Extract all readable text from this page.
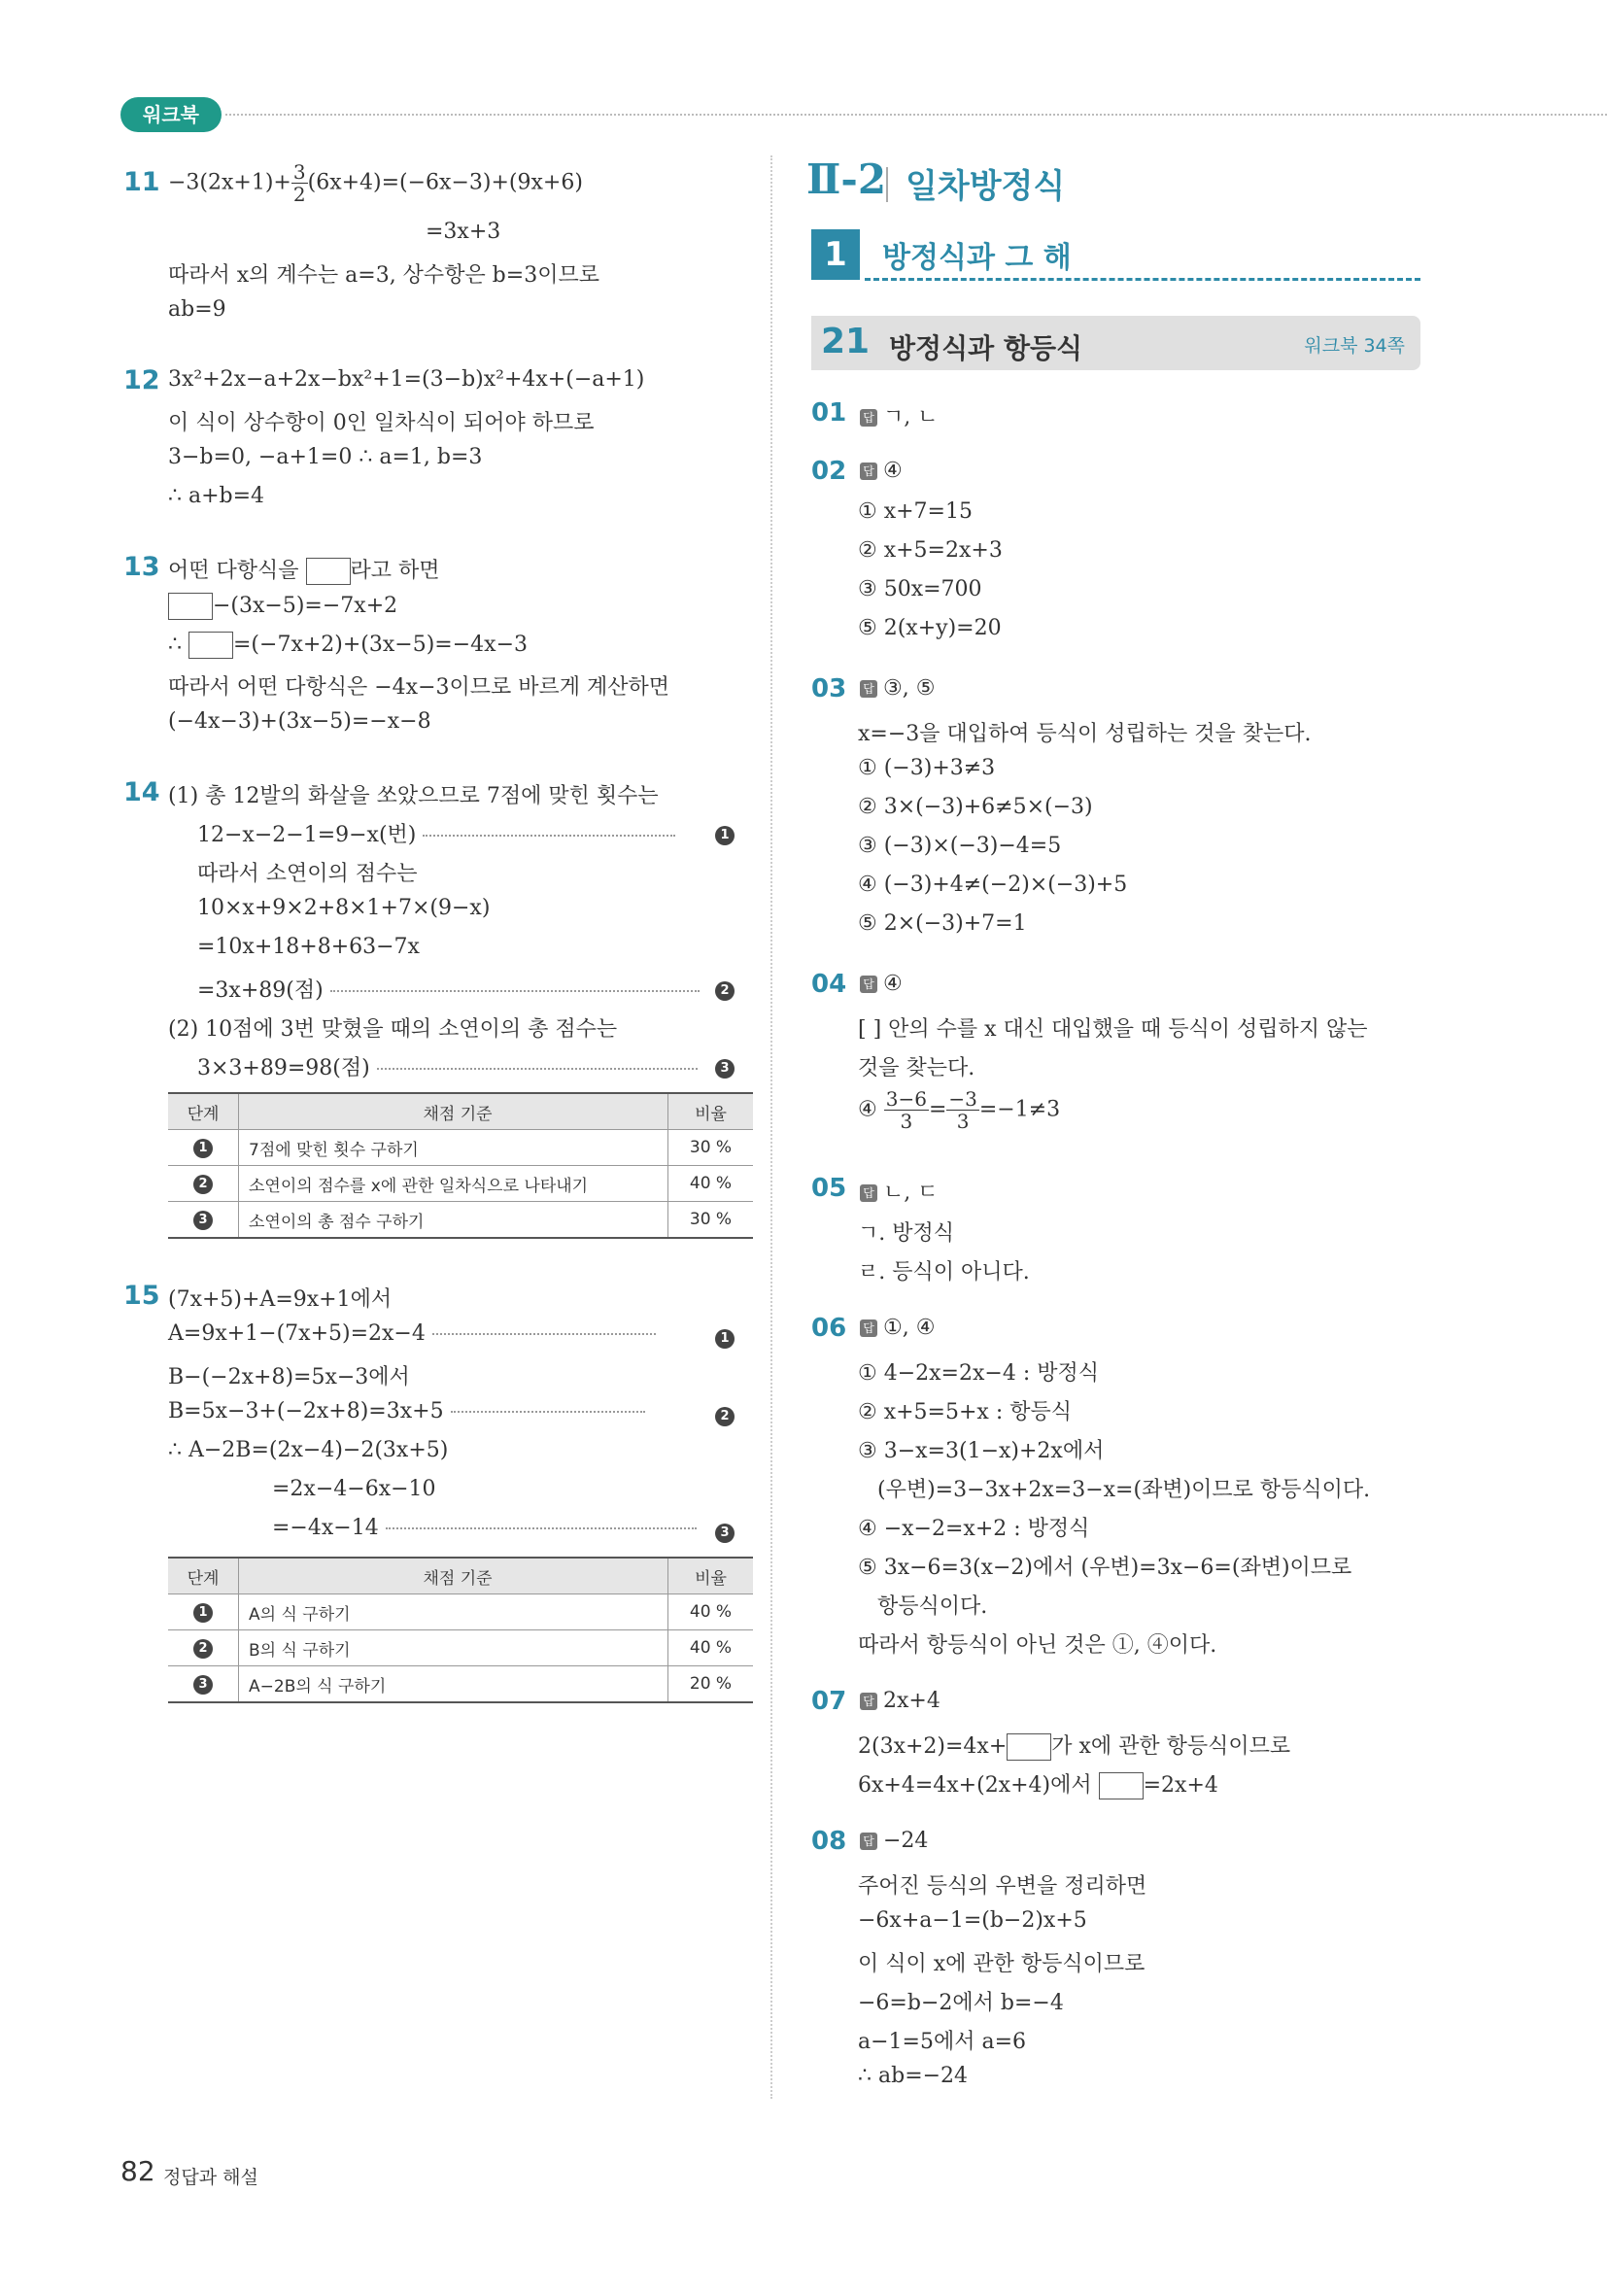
워크북
$11 -3(2x+1)+ \frac{3}{2} (6x+4)=(-6x-3)+(9x+6)$
=3x+3
따라서 x의 계수는 a=3, 상수항은 b=3이므로
ab=9
12 3x²+2x−a+2x−bx²+1=(3−b)x²+4x+(−a+1)
이 식이 상수항이 0인 일차식이 되어야 하므로
3−b=0, −a+1=0 ∴ a=1, b=3
∴ a+b=4
13 어떤 다항식을 라고 하면
−(3x−5)=−7x+2
∴ =(−7x+2)+(3x−5)=−4x−3
따라서 어떤 다항식은 −4x−3이므로 바르게 계산하면
(−4x−3)+(3x−5)=−x−8
14 (1) 총 12발의 화살을 쏘았으므로 7점에 맞힌 횟수는
12−x−2−1=9−x(번)	1
따라서 소연이의 점수는
10×x+9×2+8×1+7×(9−x)
=10x+18+8+63−7x
=3x+89(점)	2
(2) 10점에 3번 맞혔을 때의 소연이의 총 점수는
3×3+89=98(점)	3
단계	채점 기준	비율
1	7점에 맞힌 횟수 구하기	30 %
2	소연이의 점수를 x에 관한 일차식으로 나타내기	40 %
3	소연이의 총 점수 구하기	30 %
15 (7x+5)+A=9x+1에서
A=9x+1−(7x+5)=2x−4	1
B−(−2x+8)=5x−3에서
B=5x−3+(−2x+8)=3x+5	2
∴ A−2B=(2x−4)−2(3x+5)
=2x−4−6x−10
=−4x−14	3
단계	채점 기준	비율
1	A의 식 구하기	40 %
2	B의 식 구하기	40 %
3	A−2B의 식 구하기	20 %
Ⅱ-2 일차방정식
1	방정식과 그 해
21 방정식과 항등식	워크북 34쪽
01 답 ㄱ, ㄴ
02 답 ④
① x+7=15
② x+5=2x+3
③ 50x=700
⑤ 2(x+y)=20
03 답 ③, ⑤
x=−3을 대입하여 등식이 성립하는 것을 찾는다.
① (−3)+3≠3
② 3×(−3)+6≠5×(−3)
③ (−3)×(−3)−4=5
④ (−3)+4≠(−2)×(−3)+5
⑤ 2×(−3)+7=1
04 답 ④
[ ] 안의 수를 x 대신 대입했을 때 등식이 성립하지 않는
것을 찾는다.
④ $\frac{3-6}{3} = \frac{-3}{3} =-1\ne 3$
05 답 ㄴ, ㄷ
ㄱ. 방정식
ㄹ. 등식이 아니다.
06 답 ①, ④
① 4−2x=2x−4 : 방정식
② x+5=5+x : 항등식
③ 3−x=3(1−x)+2x에서
(우변)=3−3x+2x=3−x=(좌변)이므로 항등식이다.
④ −x−2=x+2 : 방정식
⑤ 3x−6=3(x−2)에서 (우변)=3x−6=(좌변)이므로
항등식이다.
따라서 항등식이 아닌 것은 ①, ④이다.
07 답 2x+4
2(3x+2)=4x+ 가 x에 관한 항등식이므로
6x+4=4x+(2x+4)에서 =2x+4
08 답 −24
주어진 등식의 우변을 정리하면
−6x+a−1=(b−2)x+5
이 식이 x에 관한 항등식이므로
−6=b−2에서 b=−4
a−1=5에서 a=6
∴ ab=−24
82 정답과 해설
